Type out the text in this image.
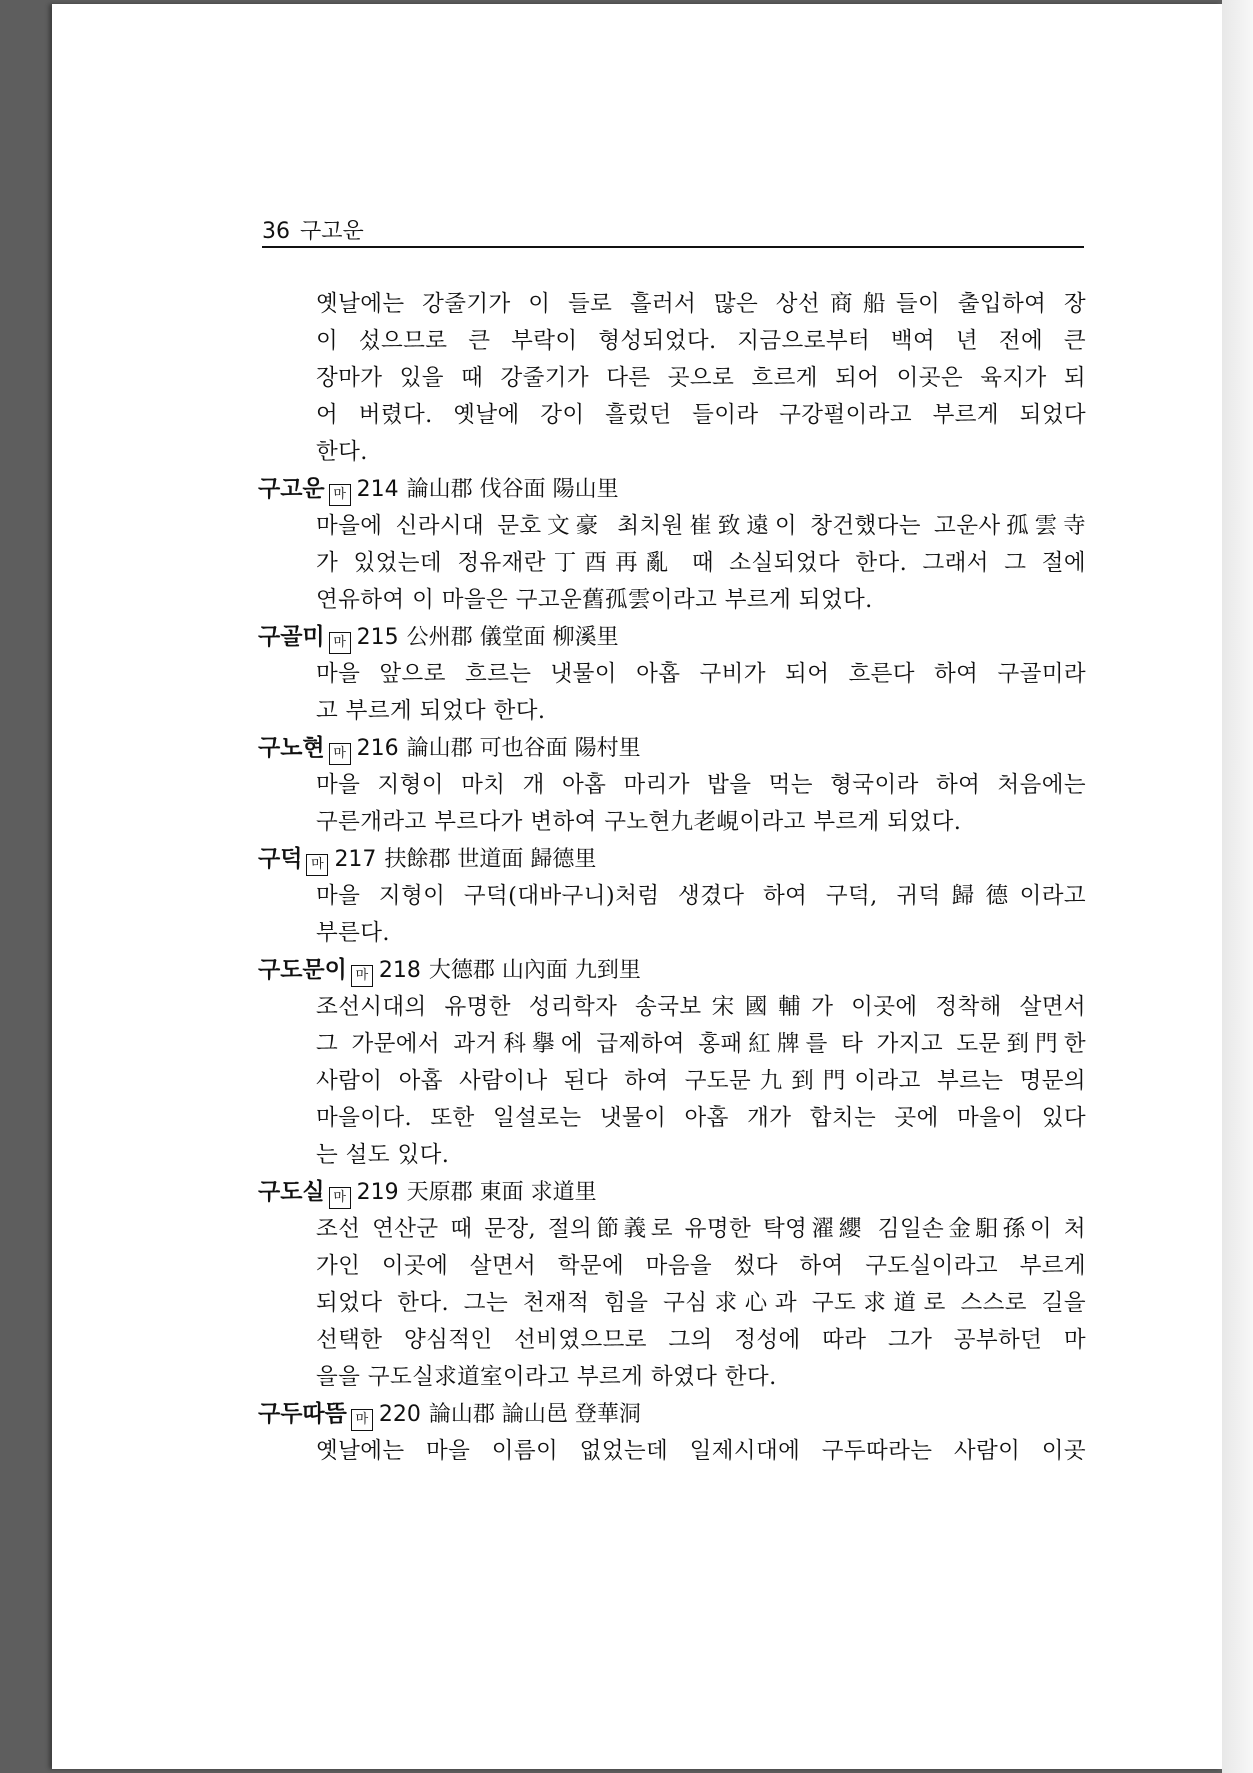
36 구고운
옛날에는 강줄기가 이 들로 흘러서 많은 상선商船들이 출입하여 장
이 섰으므로 큰 부락이 형성되었다. 지금으로부터 백여 년 전에 큰
장마가 있을 때 강줄기가 다른 곳으로 흐르게 되어 이곳은 육지가 되
어 버렸다. 옛날에 강이 흘렀던 들이라 구강펄이라고 부르게 되었다
한다.
구고운 마 214 論山郡 伐谷面 陽山里
마을에 신라시대 문호文豪 최치원崔致遠이 창건했다는 고운사孤雲寺
가 있었는데 정유재란丁酉再亂 때 소실되었다 한다. 그래서 그 절에
연유하여 이 마을은 구고운舊孤雲이라고 부르게 되었다.
구골미 마 215 公州郡 儀堂面 柳溪里
마을 앞으로 흐르는 냇물이 아홉 구비가 되어 흐른다 하여 구골미라
고 부르게 되었다 한다.
구노현 마 216 論山郡 可也谷面 陽村里
마을 지형이 마치 개 아홉 마리가 밥을 먹는 형국이라 하여 처음에는
구른개라고 부르다가 변하여 구노현九老峴이라고 부르게 되었다.
구덕 마 217 扶餘郡 世道面 歸德里
마을 지형이 구덕(대바구니)처럼 생겼다 하여 구덕, 귀덕歸德이라고
부른다.
구도문이 마 218 大德郡 山內面 九到里
조선시대의 유명한 성리학자 송국보宋國輔가 이곳에 정착해 살면서
그 가문에서 과거科擧에 급제하여 홍패紅牌를 타 가지고 도문到門한
사람이 아홉 사람이나 된다 하여 구도문九到門이라고 부르는 명문의
마을이다. 또한 일설로는 냇물이 아홉 개가 합치는 곳에 마을이 있다
는 설도 있다.
구도실 마 219 天原郡 東面 求道里
조선 연산군 때 문장, 절의節義로 유명한 탁영濯纓 김일손金馹孫이 처
가인 이곳에 살면서 학문에 마음을 썼다 하여 구도실이라고 부르게
되었다 한다. 그는 천재적 힘을 구심求心과 구도求道로 스스로 길을
선택한 양심적인 선비였으므로 그의 정성에 따라 그가 공부하던 마
을을 구도실求道室이라고 부르게 하였다 한다.
구두따뜸 마 220 論山郡 論山邑 登華洞
옛날에는 마을 이름이 없었는데 일제시대에 구두따라는 사람이 이곳
